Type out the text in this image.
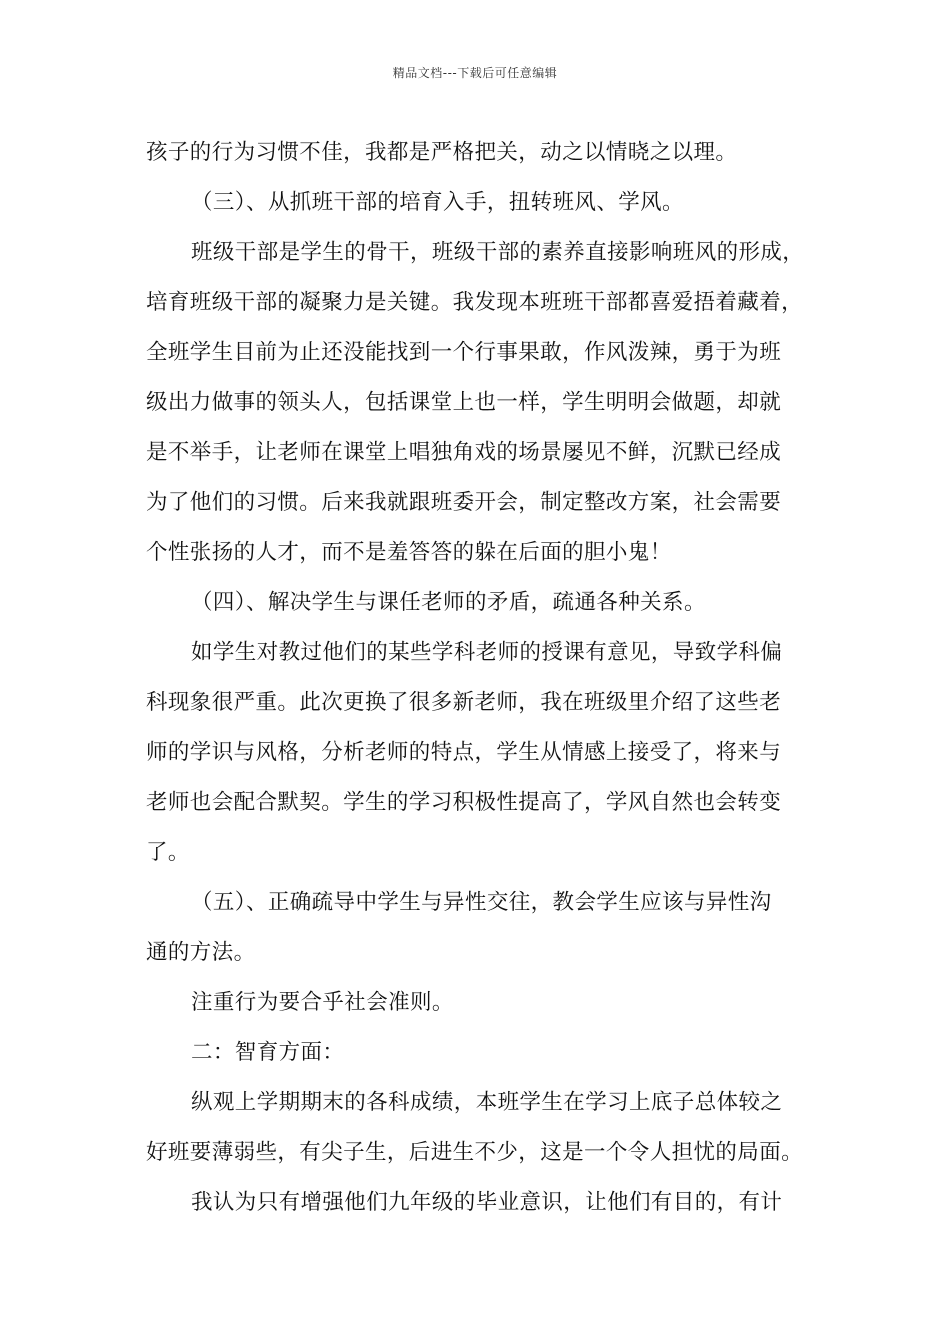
精品文档---下载后可任意编辑
孩子的行为习惯不佳，我都是严格把关，动之以情晓之以理。
（三）、从抓班干部的培育入手，扭转班风、学风。
班级干部是学生的骨干，班级干部的素养直接影响班风的形成，
培育班级干部的凝聚力是关键。我发现本班班干部都喜爱捂着藏着，
全班学生目前为止还没能找到一个行事果敢，作风泼辣，勇于为班
级出力做事的领头人，包括课堂上也一样，学生明明会做题，却就
是不举手，让老师在课堂上唱独角戏的场景屡见不鲜，沉默已经成
为了他们的习惯。后来我就跟班委开会，制定整改方案，社会需要
个性张扬的人才，而不是羞答答的躲在后面的胆小鬼！
（四）、解决学生与课任老师的矛盾，疏通各种关系。
如学生对教过他们的某些学科老师的授课有意见，导致学科偏
科现象很严重。此次更换了很多新老师，我在班级里介绍了这些老
师的学识与风格，分析老师的特点，学生从情感上接受了，将来与
老师也会配合默契。学生的学习积极性提高了，学风自然也会转变
了。
（五）、正确疏导中学生与异性交往，教会学生应该与异性沟
通的方法。
注重行为要合乎社会准则。
二：智育方面：
纵观上学期期末的各科成绩，本班学生在学习上底子总体较之
好班要薄弱些，有尖子生，后进生不少，这是一个令人担忧的局面。
我认为只有增强他们九年级的毕业意识，让他们有目的，有计
